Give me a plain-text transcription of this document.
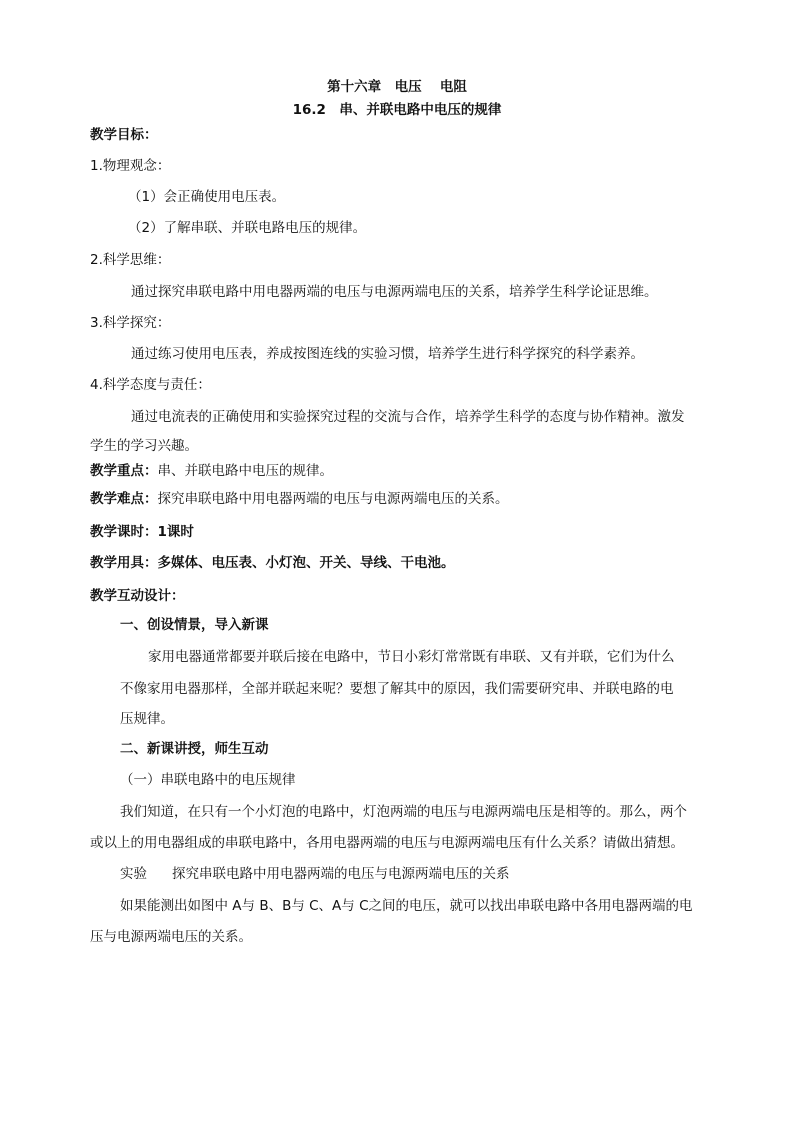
第十六章　电压　 电阻
16.2　串、并联电路中电压的规律
教学目标：
1.物理观念：
（1）会正确使用电压表。
（2）了解串联、并联电路电压的规律。
2.科学思维：
通过探究串联电路中用电器两端的电压与电源两端电压的关系，培养学生科学论证思维。
3.科学探究：
通过练习使用电压表，养成按图连线的实验习惯，培养学生进行科学探究的科学素养。
4.科学态度与责任：
通过电流表的正确使用和实验探究过程的交流与合作，培养学生科学的态度与协作精神。激发
学生的学习兴趣。
教学重点：串、并联电路中电压的规律。
教学难点：探究串联电路中用电器两端的电压与电源两端电压的关系。
教学课时：1课时
教学用具：多媒体、电压表、小灯泡、开关、导线、干电池。
教学互动设计：
一、创设情景，导入新课
家用电器通常都要并联后接在电路中，节日小彩灯常常既有串联、又有并联，它们为什么
不像家用电器那样，全部并联起来呢？要想了解其中的原因，我们需要研究串、并联电路的电
压规律。
二、新课讲授，师生互动
（一）串联电路中的电压规律
我们知道，在只有一个小灯泡的电路中，灯泡两端的电压与电源两端电压是相等的。那么，两个
或以上的用电器组成的串联电路中，各用电器两端的电压与电源两端电压有什么关系？请做出猜想。
实验 探究串联电路中用电器两端的电压与电源两端电压的关系
如果能测出如图中 A与 B、B与 C、A与 C之间的电压，就可以找出串联电路中各用电器两端的电
压与电源两端电压的关系。
